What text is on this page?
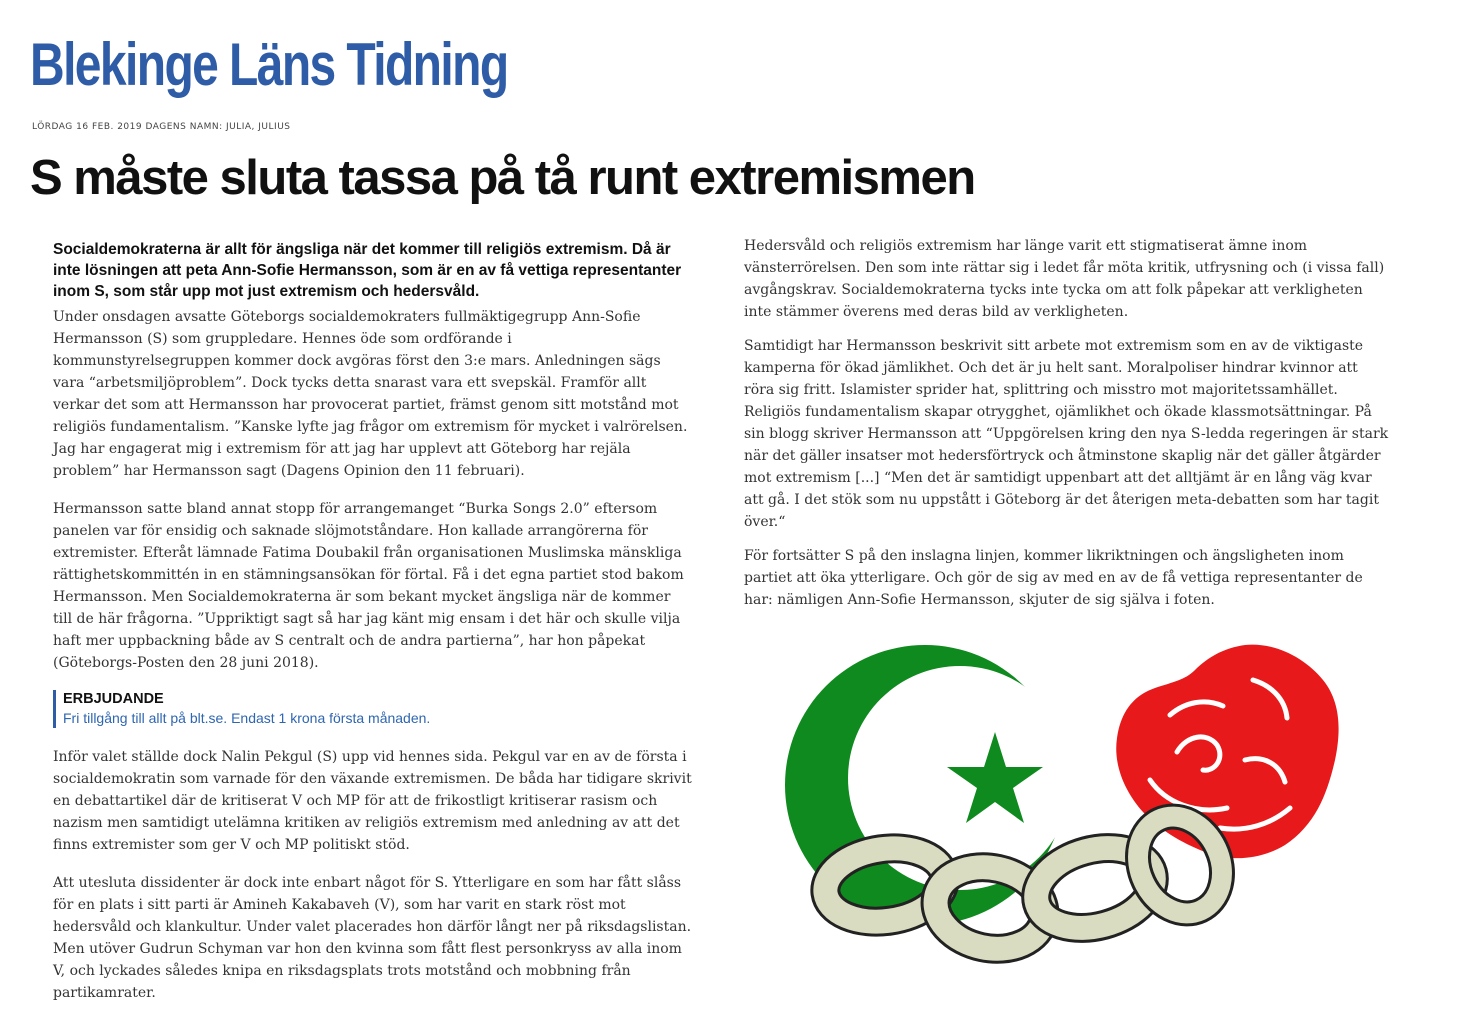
Blekinge Läns Tidning
LÖRDAG 16 FEB. 2019 DAGENS NAMN: JULIA, JULIUS
S måste sluta tassa på tå runt extremismen

Socialdemokraterna är allt för ängsliga när det kommer till religiös extremism. Då är inte lösningen att peta Ann-Sofie Hermansson, som är en av få vettiga representanter inom S, som står upp mot just extremism och hedersvåld.

Under onsdagen avsatte Göteborgs socialdemokraters fullmäktigegrupp Ann-Sofie Hermansson (S) som gruppledare. Hennes öde som ordförande i kommunstyrelsegruppen kommer dock avgöras först den 3:e mars. Anledningen sägs vara “arbetsmiljöproblem”. Dock tycks detta snarast vara ett svepskäl. Framför allt verkar det som att Hermansson har provocerat partiet, främst genom sitt motstånd mot religiös fundamentalism. ”Kanske lyfte jag frågor om extremism för mycket i valrörelsen. Jag har engagerat mig i extremism för att jag har upplevt att Göteborg har rejäla problem” har Hermansson sagt (Dagens Opinion den 11 februari).

Hermansson satte bland annat stopp för arrangemanget “Burka Songs 2.0” eftersom panelen var för ensidig och saknade slöjmotståndare. Hon kallade arrangörerna för extremister. Efteråt lämnade Fatima Doubakil från organisationen Muslimska mänskliga rättighetskommittén in en stämningsansökan för förtal. Få i det egna partiet stod bakom Hermansson. Men Socialdemokraterna är som bekant mycket ängsliga när de kommer till de här frågorna. ”Uppriktigt sagt så har jag känt mig ensam i det här och skulle vilja haft mer uppbackning både av S centralt och de andra partierna”, har hon påpekat (Göteborgs-Posten den 28 juni 2018).

ERBJUDANDE
Fri tillgång till allt på blt.se. Endast 1 krona första månaden.

Inför valet ställde dock Nalin Pekgul (S) upp vid hennes sida. Pekgul var en av de första i socialdemokratin som varnade för den växande extremismen. De båda har tidigare skrivit en debattartikel där de kritiserat V och MP för att de frikostligt kritiserar rasism och nazism men samtidigt utelämna kritiken av religiös extremism med anledning av att det finns extremister som ger V och MP politiskt stöd.

Att utesluta dissidenter är dock inte enbart något för S. Ytterligare en som har fått slåss för en plats i sitt parti är Amineh Kakabaveh (V), som har varit en stark röst mot hedersvåld och klankultur. Under valet placerades hon därför långt ner på riksdagslistan. Men utöver Gudrun Schyman var hon den kvinna som fått flest personkryss av alla inom V, och lyckades således knipa en riksdagsplats trots motstånd och mobbning från partikamrater.

Hedersvåld och religiös extremism har länge varit ett stigmatiserat ämne inom vänsterrörelsen. Den som inte rättar sig i ledet får möta kritik, utfrysning och (i vissa fall) avgångskrav. Socialdemokraterna tycks inte tycka om att folk påpekar att verkligheten inte stämmer överens med deras bild av verkligheten.

Samtidigt har Hermansson beskrivit sitt arbete mot extremism som en av de viktigaste kamperna för ökad jämlikhet. Och det är ju helt sant. Moralpoliser hindrar kvinnor att röra sig fritt. Islamister sprider hat, splittring och misstro mot majoritetssamhället. Religiös fundamentalism skapar otrygghet, ojämlikhet och ökade klassmotsättningar. På sin blogg skriver Hermansson att “Uppgörelsen kring den nya S-ledda regeringen är stark när det gäller insatser mot hedersförtryck och åtminstone skaplig när det gäller åtgärder mot extremism [...] “Men det är samtidigt uppenbart att det alltjämt är en lång väg kvar att gå. I det stök som nu uppstått i Göteborg är det återigen meta-debatten som har tagit över.“

För fortsätter S på den inslagna linjen, kommer likriktningen och ängsligheten inom partiet att öka ytterligare. Och gör de sig av med en av de få vettiga representanter de har: nämligen Ann-Sofie Hermansson, skjuter de sig själva i foten.
